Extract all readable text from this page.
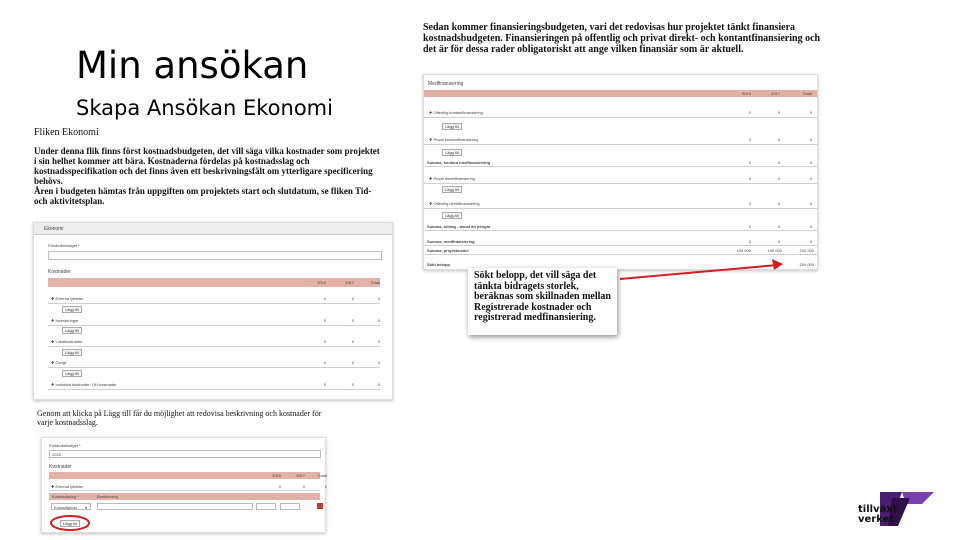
Min ansökan
Skapa Ansökan Ekonomi
Sedan kommer finansieringsbudgeten, vari det redovisas hur projektet tänkt finansiera kostnadsbudgeten. Finansieringen på offentlig och privat direkt- och kontantfinansiering och det är för dessa rader obligatoriskt att ange vilken finansiär som är aktuell.
Fliken Ekonomi
Under denna flik finns först kostnadsbudgeten, det vill säga vilka kostnader som projektet i sin helhet kommer att bära. Kostnaderna fördelas på kostnadsslag och kostnadsspecifikation och det finns även ett beskrivningsfält om ytterligare specificering behövs.
Åren i budgeten hämtas från uppgiften om projektets start och slutdatum, se fliken Tid- och aktivitetsplan.
Medfinansiering
2016	2017	Totalt
✚ Offentlig kontantfinansiering	0	0	0
Lägg till
✚ Privat kontantfinansiering	0	0	0
Lägg till
Summa, kontant medfinansiering	0	0	0
✚ Privat direktfinansiering	0	0	0
Lägg till
✚ Offentlig direktfinansiering	0	0	0
Lägg till
Summa, bidrag - annat än pengar	0	0	0
Summa, medfinansiering	0	0	0
Summa, projektmedel	100 000	100 000	200 000
Sökt belopp	200 000
Ekonomi
Förstudiebudget *
Kostnader
2016	2017	Totalt
✚ Externa tjänster	0	0	0
Lägg till
✚ Investeringar	0	0	0
Lägg till
✚ Lokalkostnader	0	0	0
Lägg till
✚ Övrigt	0	0	0
Lägg till
✚ Indirekta kostnader/ OH-kostnader	0	0	0
Genom att klicka på Lägg till får du möjlighet att redovisa beskrivning och kostnader för varje kostnadsslag.
Förstudiebudget *
2016
Kostnader
2016	2017	Totalt
✚ Externa tjänster	0	0	0
Kostnadsslag *	Beskrivning
Konsulttjänst ▾
Lägg till
Sökt belopp, det vill säga det tänkta bidragets storlek, beräknas som skillnaden mellan Registrerade kostnader och registrerad medfinansiering.
tillväxt
verket
